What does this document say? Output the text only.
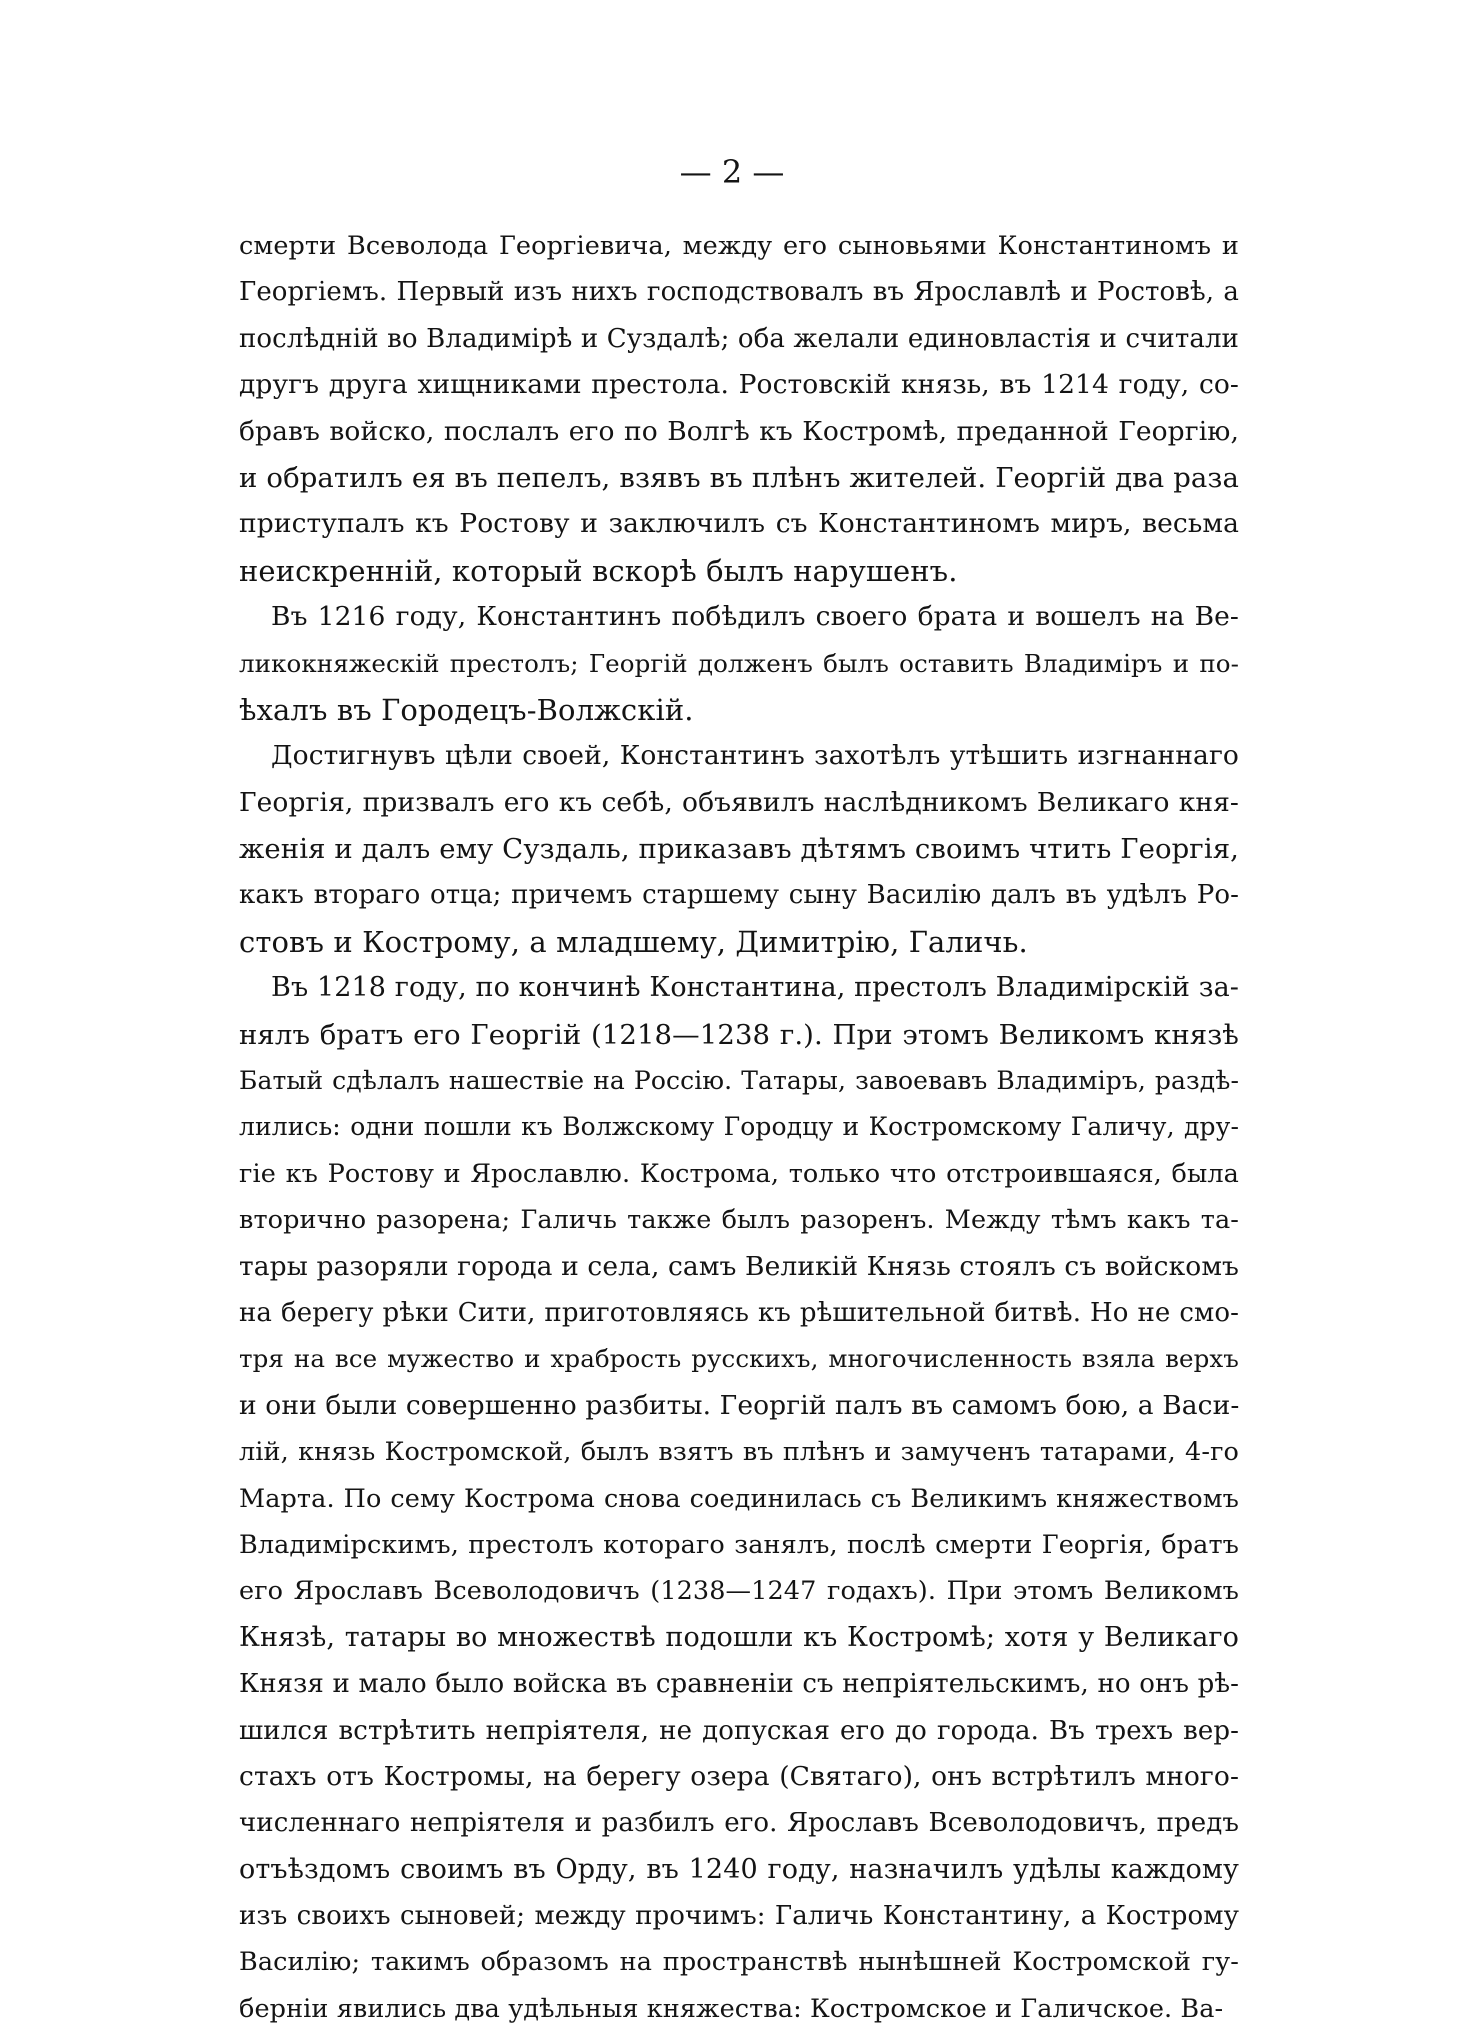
— 2 —
смерти Всеволода Георгіевича, между его сыновьями Константиномъ и
Георгіемъ. Первый изъ нихъ господствовалъ въ Ярославлѣ и Ростовѣ, а
послѣдній во Владимірѣ и Суздалѣ; оба желали единовластія и считали
другъ друга хищниками престола. Ростовскій князь, въ 1214 году, со-
бравъ войско, послалъ его по Волгѣ къ Костромѣ, преданной Георгію,
и обратилъ ея въ пепелъ, взявъ въ плѣнъ жителей. Георгій два раза
приступалъ къ Ростову и заключилъ съ Константиномъ миръ, весьма
неискренній, который вскорѣ былъ нарушенъ.
Въ 1216 году, Константинъ побѣдилъ своего брата и вошелъ на Ве-
ликокняжескій престолъ; Георгій долженъ былъ оставить Владиміръ и по-
ѣхалъ въ Городецъ-Волжскій.
Достигнувъ цѣли своей, Константинъ захотѣлъ утѣшить изгнаннаго
Георгія, призвалъ его къ себѣ, объявилъ наслѣдникомъ Великаго кня-
женія и далъ ему Суздаль, приказавъ дѣтямъ своимъ чтить Георгія,
какъ втораго отца; причемъ старшему сыну Василію далъ въ удѣлъ Ро-
стовъ и Кострому, а младшему, Димитрію, Галичь.
Въ 1218 году, по кончинѣ Константина, престолъ Владимірскій за-
нялъ братъ его Георгій (1218—1238 г.). При этомъ Великомъ князѣ
Батый сдѣлалъ нашествіе на Россію. Татары, завоевавъ Владиміръ, раздѣ-
лились: одни пошли къ Волжскому Городцу и Костромскому Галичу, дру-
гіе къ Ростову и Ярославлю. Кострома, только что отстроившаяся, была
вторично разорена; Галичь также былъ разоренъ. Между тѣмъ какъ та-
тары разоряли города и села, самъ Великій Князь стоялъ съ войскомъ
на берегу рѣки Сити, приготовляясь къ рѣшительной битвѣ. Но не смо-
тря на все мужество и храбрость русскихъ, многочисленность взяла верхъ
и они были совершенно разбиты. Георгій палъ въ самомъ бою, а Васи-
лій, князь Костромской, былъ взятъ въ плѣнъ и замученъ татарами, 4-го
Марта. По сему Кострома снова соединилась съ Великимъ княжествомъ
Владимірскимъ, престолъ котораго занялъ, послѣ смерти Георгія, братъ
его Ярославъ Всеволодовичъ (1238—1247 годахъ). При этомъ Великомъ
Князѣ, татары во множествѣ подошли къ Костромѣ; хотя у Великаго
Князя и мало было войска въ сравненіи съ непріятельскимъ, но онъ рѣ-
шился встрѣтить непріятеля, не допуская его до города. Въ трехъ вер-
стахъ отъ Костромы, на берегу озера (Святаго), онъ встрѣтилъ много-
численнаго непріятеля и разбилъ его. Ярославъ Всеволодовичъ, предъ
отъѣздомъ своимъ въ Орду, въ 1240 году, назначилъ удѣлы каждому
изъ своихъ сыновей; между прочимъ: Галичь Константину, а Кострому
Василію; такимъ образомъ на пространствѣ нынѣшней Костромской гу-
берніи явились два удѣльныя княжества: Костромское и Галичское. Ва-
